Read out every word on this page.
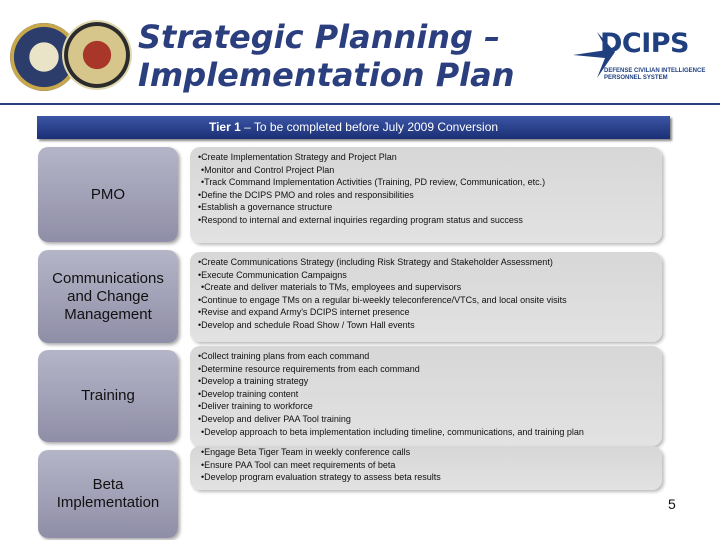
Strategic Planning –
Implementation Plan
DCIPS
DEFENSE CIVILIAN INTELLIGENCE
PERSONNEL SYSTEM
Tier 1 – To be completed before July 2009 Conversion
PMO
•Create Implementation Strategy and Project Plan
•Monitor and Control Project Plan
•Track Command Implementation Activities (Training, PD review, Communication, etc.)
•Define the DCIPS PMO and roles and responsibilities
•Establish a governance structure
•Respond to internal and external inquiries regarding program status and success
Communications and Change Management
•Create Communications Strategy (including Risk Strategy and Stakeholder Assessment)
•Execute Communication Campaigns
•Create and deliver materials to TMs, employees and supervisors
•Continue to engage TMs on a regular bi-weekly teleconference/VTCs, and local onsite visits
•Revise and expand Army's DCIPS internet presence
•Develop and schedule Road Show / Town Hall events
Training
•Collect training plans from each command
•Determine resource requirements from each command
•Develop a training strategy
•Develop training content
•Deliver training to workforce
•Develop and deliver PAA Tool training
•Develop approach to beta implementation including timeline, communications, and training plan
Beta Implementation
•Engage Beta Tiger Team in weekly conference calls
•Ensure PAA Tool can meet requirements of beta
•Develop program evaluation strategy to assess beta results
5
